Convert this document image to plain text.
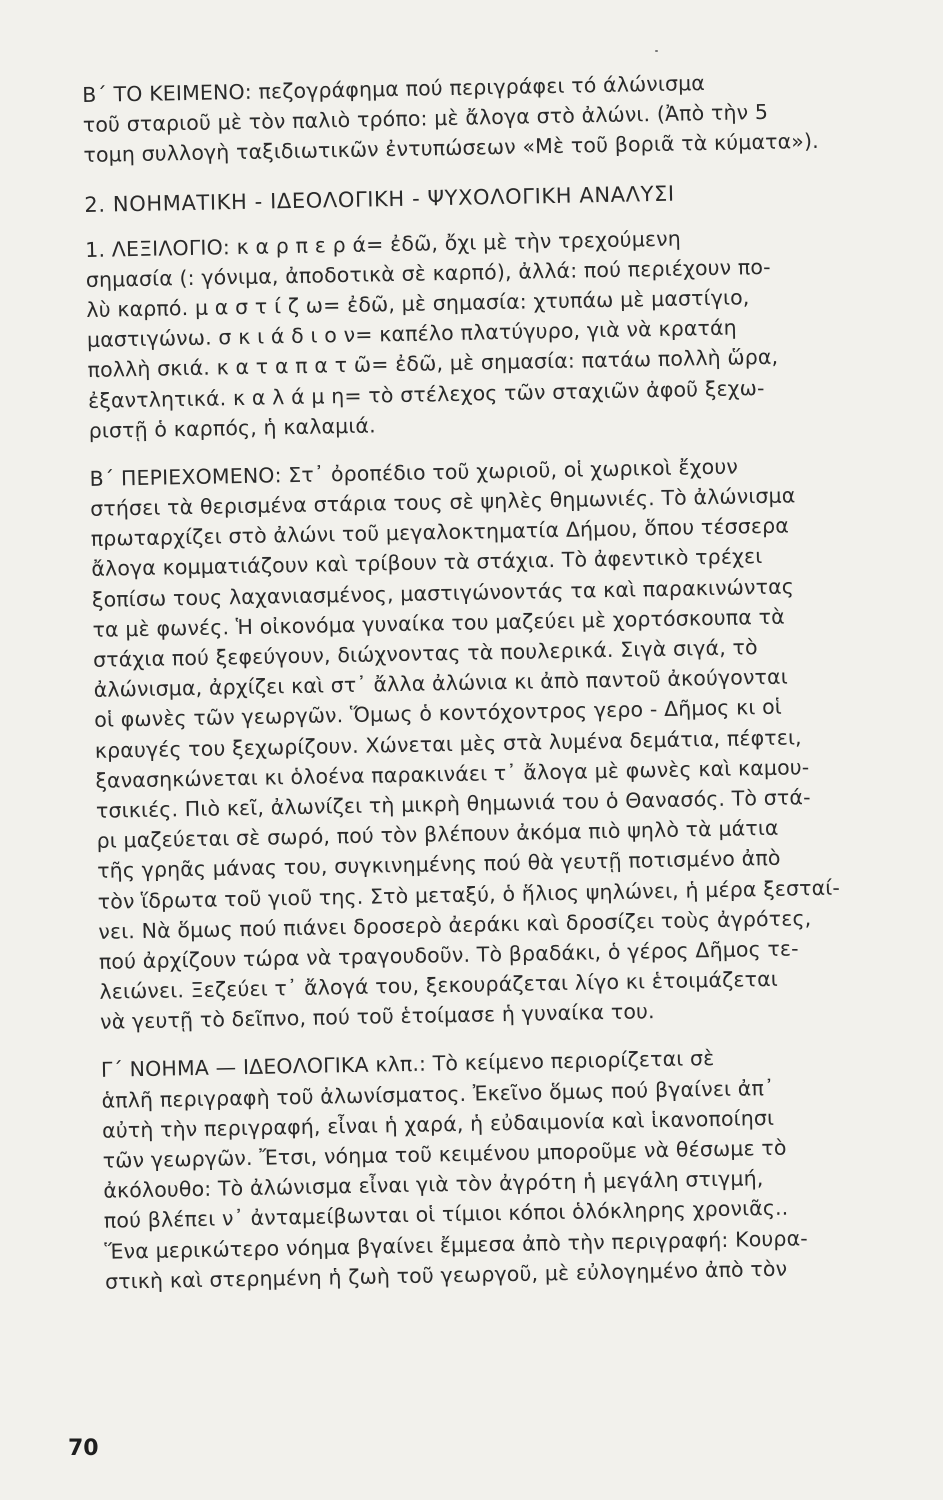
Β΄ ΤΟ ΚΕΙΜΕΝΟ: πεζογράφημα πού περιγράφει τό άλώνισμα
τοῦ σταριοῦ μὲ τὸν παλιὸ τρόπο: μὲ ἄλογα στὸ ἀλώνι. (Ἀπὸ τὴν 5
τομη συλλογὴ ταξιδιωτικῶν ἐντυπώσεων «Μὲ τοῦ βοριᾶ τὰ κύματα»).
2. ΝΟΗΜΑΤΙΚΗ - ΙΔΕΟΛΟΓΙΚΗ - ΨΥΧΟΛΟΓΙΚΗ ΑΝΑΛΥΣΙ
1. ΛΕΞΙΛΟΓΙΟ: κ α ρ π ε ρ ά= ἐδῶ, ὄχι μὲ τὴν τρεχούμενη
σημασία (: γόνιμα, ἀποδοτικὰ σὲ καρπό), ἀλλά: πού περιέχουν πο-
λὺ καρπό. μ α σ τ ί ζ ω= ἐδῶ, μὲ σημασία: χτυπάω μὲ μαστίγιο,
μαστιγώνω. σ κ ι ά δ ι ο ν= καπέλο πλατύγυρο, γιὰ νὰ κρατάη
πολλὴ σκιά. κ α τ α π α τ ῶ= ἐδῶ, μὲ σημασία: πατάω πολλὴ ὥρα,
ἐξαντλητικά. κ α λ ά μ η= τὸ στέλεχος τῶν σταχιῶν ἀφοῦ ξεχω-
ριστῇ ὁ καρπός, ἡ καλαμιά.
Β΄ ΠΕΡΙΕΧΟΜΕΝΟ: Στ᾽ ὀροπέδιο τοῦ χωριοῦ, οἱ χωρικοὶ ἔχουν
στήσει τὰ θερισμένα στάρια τους σὲ ψηλὲς θημωνιές. Τὸ ἀλώνισμα
πρωταρχίζει στὸ ἀλώνι τοῦ μεγαλοκτηματία Δήμου, ὅπου τέσσερα
ἄλογα κομματιάζουν καὶ τρίβουν τὰ στάχια. Τὸ ἀφεντικὸ τρέχει
ξοπίσω τους λαχανιασμένος, μαστιγώνοντάς τα καὶ παρακινώντας
τα μὲ φωνές. Ἡ οἰκονόμα γυναίκα του μαζεύει μὲ χορτόσκουπα τὰ
στάχια πού ξεφεύγουν, διώχνοντας τὰ πουλερικά. Σιγὰ σιγά, τὸ
ἀλώνισμα, ἀρχίζει καὶ στ᾽ ἄλλα ἀλώνια κι ἀπὸ παντοῦ ἀκούγονται
οἱ φωνὲς τῶν γεωργῶν. Ὅμως ὁ κοντόχοντρος γερο - Δῆμος κι οἱ
κραυγές του ξεχωρίζουν. Χώνεται μὲς στὰ λυμένα δεμάτια, πέφτει,
ξανασηκώνεται κι ὁλοένα παρακινάει τ᾽ ἄλογα μὲ φωνὲς καὶ καμου-
τσικιές. Πιὸ κεῖ, ἀλωνίζει τὴ μικρὴ θημωνιά του ὁ Θανασός. Τὸ στά-
ρι μαζεύεται σὲ σωρό, πού τὸν βλέπουν ἀκόμα πιὸ ψηλὸ τὰ μάτια
τῆς γρηᾶς μάνας του, συγκινημένης πού θὰ γευτῇ ποτισμένο ἀπὸ
τὸν ἵδρωτα τοῦ γιοῦ της. Στὸ μεταξύ, ὁ ἥλιος ψηλώνει, ἡ μέρα ξεσταί-
νει. Νὰ ὅμως πού πιάνει δροσερὸ ἀεράκι καὶ δροσίζει τοὺς ἀγρότες,
πού ἀρχίζουν τώρα νὰ τραγουδοῦν. Τὸ βραδάκι, ὁ γέρος Δῆμος τε-
λειώνει. Ξεζεύει τ᾽ ἄλογά του, ξεκουράζεται λίγο κι ἑτοιμάζεται
νὰ γευτῇ τὸ δεῖπνο, πού τοῦ ἑτοίμασε ἡ γυναίκα του.
Γ΄ ΝΟΗΜΑ — ΙΔΕΟΛΟΓΙΚΑ κλπ.: Τὸ κείμενο περιορίζεται σὲ
ἁπλῆ περιγραφὴ τοῦ ἀλωνίσματος. Ἐκεῖνο ὅμως πού βγαίνει ἀπ᾽
αὐτὴ τὴν περιγραφή, εἶναι ἡ χαρά, ἡ εὐδαιμονία καὶ ἱκανοποίησι
τῶν γεωργῶν. Ἔτσι, νόημα τοῦ κειμένου μποροῦμε νὰ θέσωμε τὸ
ἀκόλουθο: Τὸ ἀλώνισμα εἶναι γιὰ τὸν ἀγρότη ἡ μεγάλη στιγμή,
πού βλέπει ν᾽ ἀνταμείβωνται οἱ τίμιοι κόποι ὁλόκληρης χρονιᾶς..
Ἕνα μερικώτερο νόημα βγαίνει ἔμμεσα ἀπὸ τὴν περιγραφή: Κουρα-
στικὴ καὶ στερημένη ἡ ζωὴ τοῦ γεωργοῦ, μὲ εὐλογημένο ἀπὸ τὸν
70
